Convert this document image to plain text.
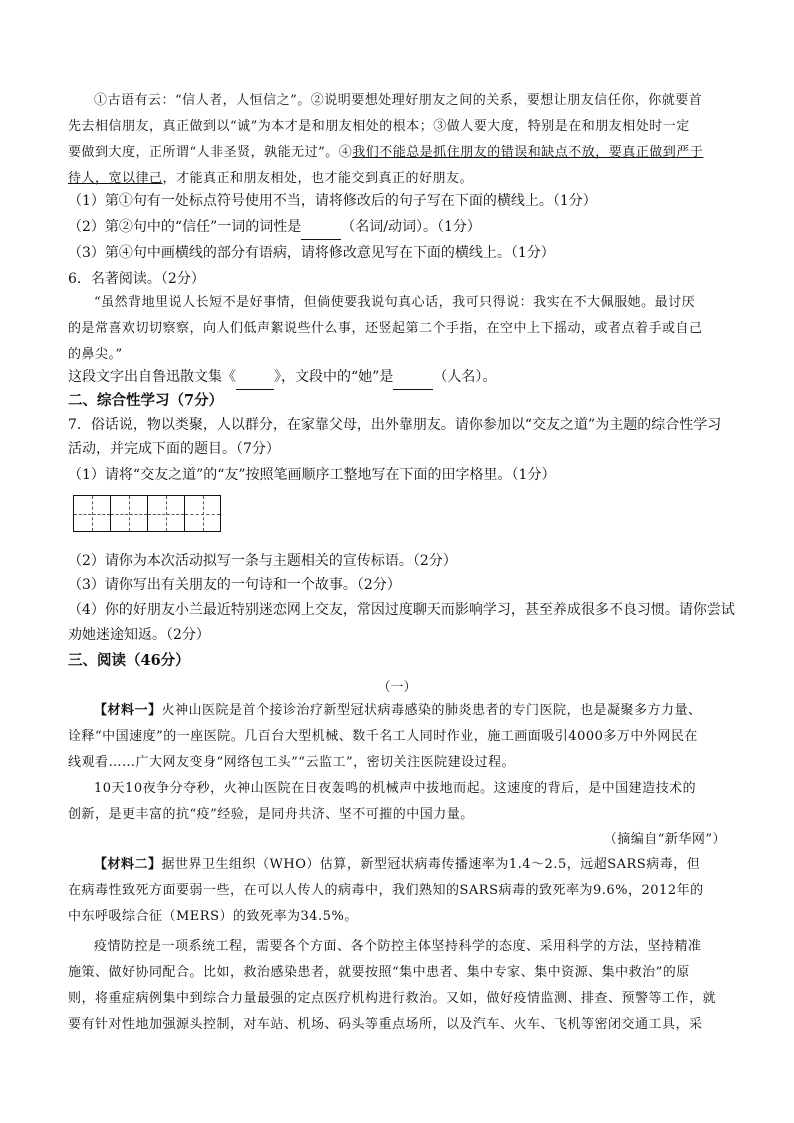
①古语有云：“信人者，人恒信之”。②说明要想处理好朋友之间的关系，要想让朋友信任你，你就要首
先去相信朋友，真正做到以“诚”为本才是和朋友相处的根本；③做人要大度，特别是在和朋友相处时一定
要做到大度，正所谓“人非圣贤，孰能无过”。④我们不能总是抓住朋友的错误和缺点不放，要真正做到严于
待人，宽以律己，才能真正和朋友相处，也才能交到真正的好朋友。
（1）第①句有一处标点符号使用不当，请将修改后的句子写在下面的横线上。（1分）
（2）第②句中的“信任”一词的词性是	（名词/动词）。（1分）
（3）第④句中画横线的部分有语病，请将修改意见写在下面的横线上。（1分）
6．名著阅读。（2分）
“虽然背地里说人长短不是好事情，但倘使要我说句真心话，我可只得说：我实在不大佩服她。最讨厌
的是常喜欢切切察察，向人们低声絮说些什么事，还竖起第二个手指，在空中上下摇动，或者点着手或自己
的鼻尖。”
这段文字出自鲁迅散文集《	》，文段中的“她”是	（人名）。
二、综合性学习（7分）
7．俗话说，物以类聚，人以群分，在家靠父母，出外靠朋友。请你参加以“交友之道”为主题的综合性学习
活动，并完成下面的题目。（7分）
（1）请将“交友之道”的“友”按照笔画顺序工整地写在下面的田字格里。（1分）
（2）请你为本次活动拟写一条与主题相关的宣传标语。（2分）
（3）请你写出有关朋友的一句诗和一个故事。（2分）
（4）你的好朋友小兰最近特别迷恋网上交友，常因过度聊天而影响学习，甚至养成很多不良习惯。请你尝试
劝她迷途知返。（2分）
三、阅读（46分）
（一）
【材料一】火神山医院是首个接诊治疗新型冠状病毒感染的肺炎患者的专门医院，也是凝聚多方力量、
诠释“中国速度”的一座医院。几百台大型机械、数千名工人同时作业，施工画面吸引4000多万中外网民在
线观看……广大网友变身“网络包工头”“云监工”，密切关注医院建设过程。
10天10夜争分夺秒，火神山医院在日夜轰鸣的机械声中拔地而起。这速度的背后，是中国建造技术的
创新，是更丰富的抗“疫”经验，是同舟共济、坚不可摧的中国力量。
（摘编自“新华网”）
【材料二】据世界卫生组织（WHO）估算，新型冠状病毒传播速率为1.4～2.5，远超SARS病毒，但
在病毒性致死方面要弱一些，在可以人传人的病毒中，我们熟知的SARS病毒的致死率为9.6%，2012年的
中东呼吸综合征（MERS）的致死率为34.5%。
疫情防控是一项系统工程，需要各个方面、各个防控主体坚持科学的态度、采用科学的方法，坚持精准
施策、做好协同配合。比如，救治感染患者，就要按照“集中患者、集中专家、集中资源、集中救治”的原
则，将重症病例集中到综合力量最强的定点医疗机构进行救治。又如，做好疫情监测、排查、预警等工作，就
要有针对性地加强源头控制，对车站、机场、码头等重点场所，以及汽车、火车、飞机等密闭交通工具，采
